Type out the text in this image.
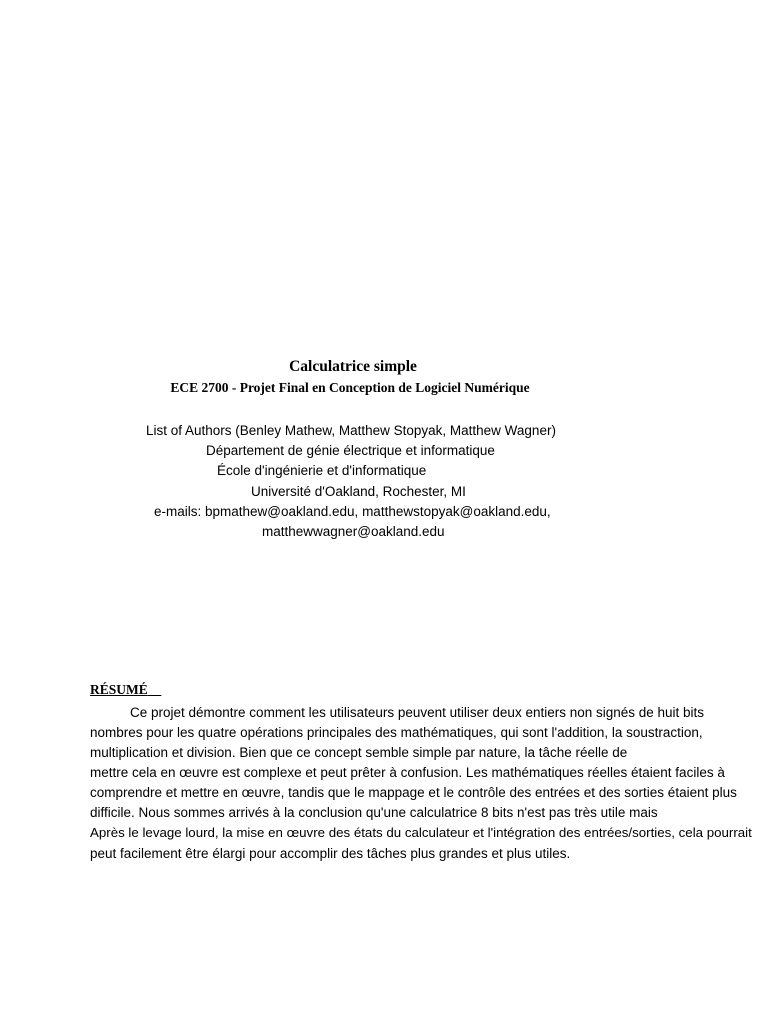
Calculatrice simple
ECE 2700 - Projet Final en Conception de Logiciel Numérique
List of Authors (Benley Mathew, Matthew Stopyak, Matthew Wagner)
Département de génie électrique et informatique
École d'ingénierie et d'informatique
Université d'Oakland, Rochester, MI
e-mails: bpmathew@oakland.edu, matthewstopyak@oakland.edu,
matthewwagner@oakland.edu
RÉSUMÉ
Ce projet démontre comment les utilisateurs peuvent utiliser deux entiers non signés de huit bits
nombres pour les quatre opérations principales des mathématiques, qui sont l'addition, la soustraction,
multiplication et division. Bien que ce concept semble simple par nature, la tâche réelle de
mettre cela en œuvre est complexe et peut prêter à confusion. Les mathématiques réelles étaient faciles à
comprendre et mettre en œuvre, tandis que le mappage et le contrôle des entrées et des sorties étaient plus
difficile. Nous sommes arrivés à la conclusion qu'une calculatrice 8 bits n'est pas très utile mais
Après le levage lourd, la mise en œuvre des états du calculateur et l'intégration des entrées/sorties, cela pourrait
peut facilement être élargi pour accomplir des tâches plus grandes et plus utiles.
